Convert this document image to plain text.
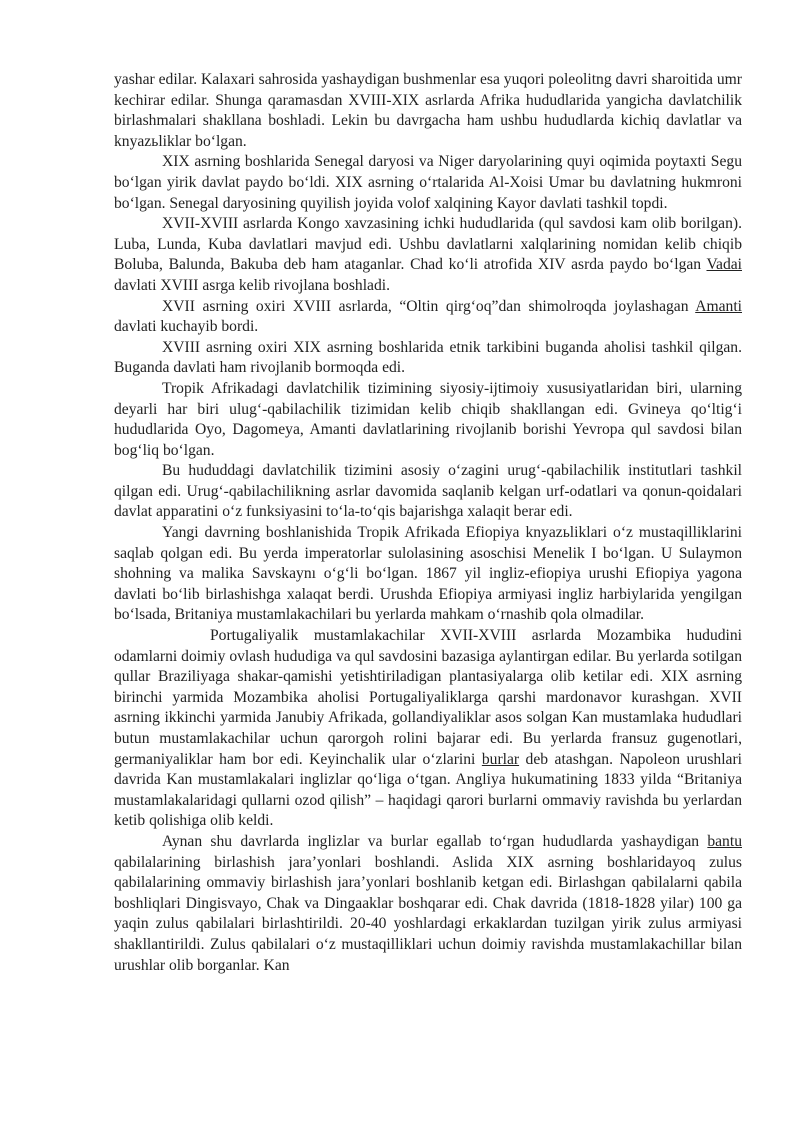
yashar edilar. Kalaxari sahrosida yashaydigan bushmenlar esa yuqori poleolitng davri sharoitida umr kechirar edilar. Shunga qaramasdan XVIII-XIX asrlarda Afrika hududlarida yangicha davlatchilik birlashmalari shakllana boshladi. Lekin bu davrgacha ham ushbu hududlarda kichiq davlatlar va knyazьliklar bo‘lgan.

XIX asrning boshlarida Senegal daryosi va Niger daryolarining quyi oqimida poytaxti Segu bo‘lgan yirik davlat paydo bo‘ldi. XIX asrning o‘rtalarida Al-Xoisi Umar bu davlatning hukmroni bo‘lgan. Senegal daryosining quyilish joyida volof xalqining Kayor davlati tashkil topdi.

XVII-XVIII asrlarda Kongo xavzasining ichki hududlarida (qul savdosi kam olib borilgan). Luba, Lunda, Kuba davlatlari mavjud edi. Ushbu davlatlarni xalqlarining nomidan kelib chiqib Boluba, Balunda, Bakuba deb ham ataganlar. Chad ko‘li atrofida XIV asrda paydo bo‘lgan Vadai davlati XVIII asrga kelib rivojlana boshladi.

XVII asrning oxiri XVIII asrlarda, “Oltin qirg‘oq”dan shimolroqda joylashagan Amanti davlati kuchayib bordi.

XVIII asrning oxiri XIX asrning boshlarida etnik tarkibini buganda aholisi tashkil qilgan. Buganda davlati ham rivojlanib bormoqda edi.

Tropik Afrikadagi davlatchilik tizimining siyosiy-ijtimoiy xususiyatlaridan biri, ularning deyarli har biri ulug‘-qabilachilik tizimidan kelib chiqib shakllangan edi. Gvineya qo‘ltig‘i hududlarida Oyo, Dagomeya, Amanti davlatlarining rivojlanib borishi Yevropa qul savdosi bilan bog‘liq bo‘lgan.

Bu hududdagi davlatchilik tizimini asosiy o‘zagini urug‘-qabilachilik institutlari tashkil qilgan edi. Urug‘-qabilachilikning asrlar davomida saqlanib kelgan urf-odatlari va qonun-qoidalari davlat apparatini o‘z funksiyasini to‘la-to‘qis bajarishga xalaqit berar edi.

Yangi davrning boshlanishida Tropik Afrikada Efiopiya knyazьliklari o‘z mustaqilliklarini saqlab qolgan edi. Bu yerda imperatorlar sulolasining asoschisi Menelik I bo‘lgan. U Sulaymon shohning va malika Savskaynı o‘g‘li bo‘lgan. 1867 yil ingliz-efiopiya urushi Efiopiya yagona davlati bo‘lib birlashishga xalaqat berdi. Urushda Efiopiya armiyasi ingliz harbiylarida yengilgan bo‘lsada, Britaniya mustamlakachilari bu yerlarda mahkam o‘rnashib qola olmadilar.

Portugaliyalik mustamlakachilar XVII-XVIII asrlarda Mozambika hududini odamlarni doimiy ovlash hududiga va qul savdosini bazasiga aylantirgan edilar. Bu yerlarda sotilgan qullar Braziliyaga shakar-qamishi yetishtiriladigan plantasiyalarga olib ketilar edi. XIX asrning birinchi yarmida Mozambika aholisi Portugaliyaliklarga qarshi mardonavor kurashgan. XVII asrning ikkinchi yarmida Janubiy Afrikada, gollandiyaliklar asos solgan Kan mustamlaka hududlari butun mustamlakachilar uchun qarorgoh rolini bajarar edi. Bu yerlarda fransuz gugenotlari, germaniyaliklar ham bor edi. Keyinchalik ular o‘zlarini burlar deb atashgan. Napoleon urushlari davrida Kan mustamlakalari inglizlar qo‘liga o‘tgan. Angliya hukumatining 1833 yilda “Britaniya mustamlakalaridagi qullarni ozod qilish” – haqidagi qarori burlarni ommaviy ravishda bu yerlardan ketib qolishiga olib keldi.

Aynan shu davrlarda inglizlar va burlar egallab to‘rgan hududlarda yashaydigan bantu qabilalarining birlashish jara’yonlari boshlandi. Aslida XIX asrning boshlaridayoq zulus qabilalarining ommaviy birlashish jara’yonlari boshlanib ketgan edi. Birlashgan qabilalarni qabila boshliqlari Dingisvayo, Chak va Dingaaklar boshqarar edi. Chak davrida (1818-1828 yilar) 100 ga yaqin zulus qabilalari birlashtirildi. 20-40 yoshlardagi erkaklardan tuzilgan yirik zulus armiyasi shakllantirildi. Zulus qabilalari o‘z mustaqilliklari uchun doimiy ravishda mustamlakachillar bilan urushlar olib borganlar. Kan
